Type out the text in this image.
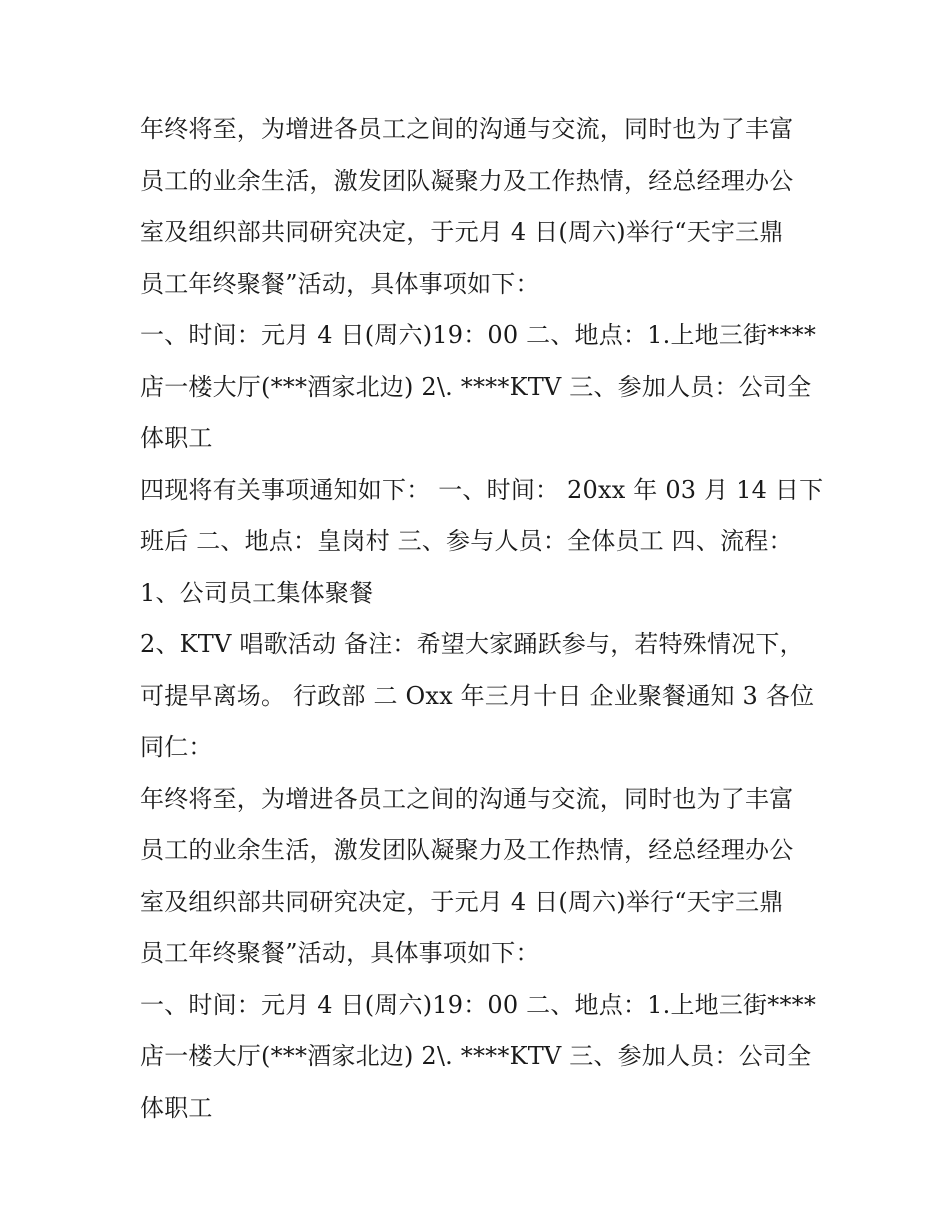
年终将至，为增进各员工之间的沟通与交流，同时也为了丰富
员工的业余生活，激发团队凝聚力及工作热情，经总经理办公
室及组织部共同研究决定，于元月 4 日(周六)举行“天宇三鼎
员工年终聚餐”活动，具体事项如下：
一、时间：元月 4 日(周六)19：00 二、地点：1.上地三街****
店一楼大厅(***酒家北边) 2\. ****KTV 三、参加人员：公司全
体职工
四现将有关事项通知如下： 一、时间： 20xx 年 03 月 14 日下
班后 二、地点：皇岗村 三、参与人员：全体员工 四、流程：
1、公司员工集体聚餐
2、KTV 唱歌活动 备注：希望大家踊跃参与，若特殊情况下，
可提早离场。 行政部 二 Oxx 年三月十日 企业聚餐通知 3 各位
同仁：
年终将至，为增进各员工之间的沟通与交流，同时也为了丰富
员工的业余生活，激发团队凝聚力及工作热情，经总经理办公
室及组织部共同研究决定，于元月 4 日(周六)举行“天宇三鼎
员工年终聚餐”活动，具体事项如下：
一、时间：元月 4 日(周六)19：00 二、地点：1.上地三街****
店一楼大厅(***酒家北边) 2\. ****KTV 三、参加人员：公司全
体职工
